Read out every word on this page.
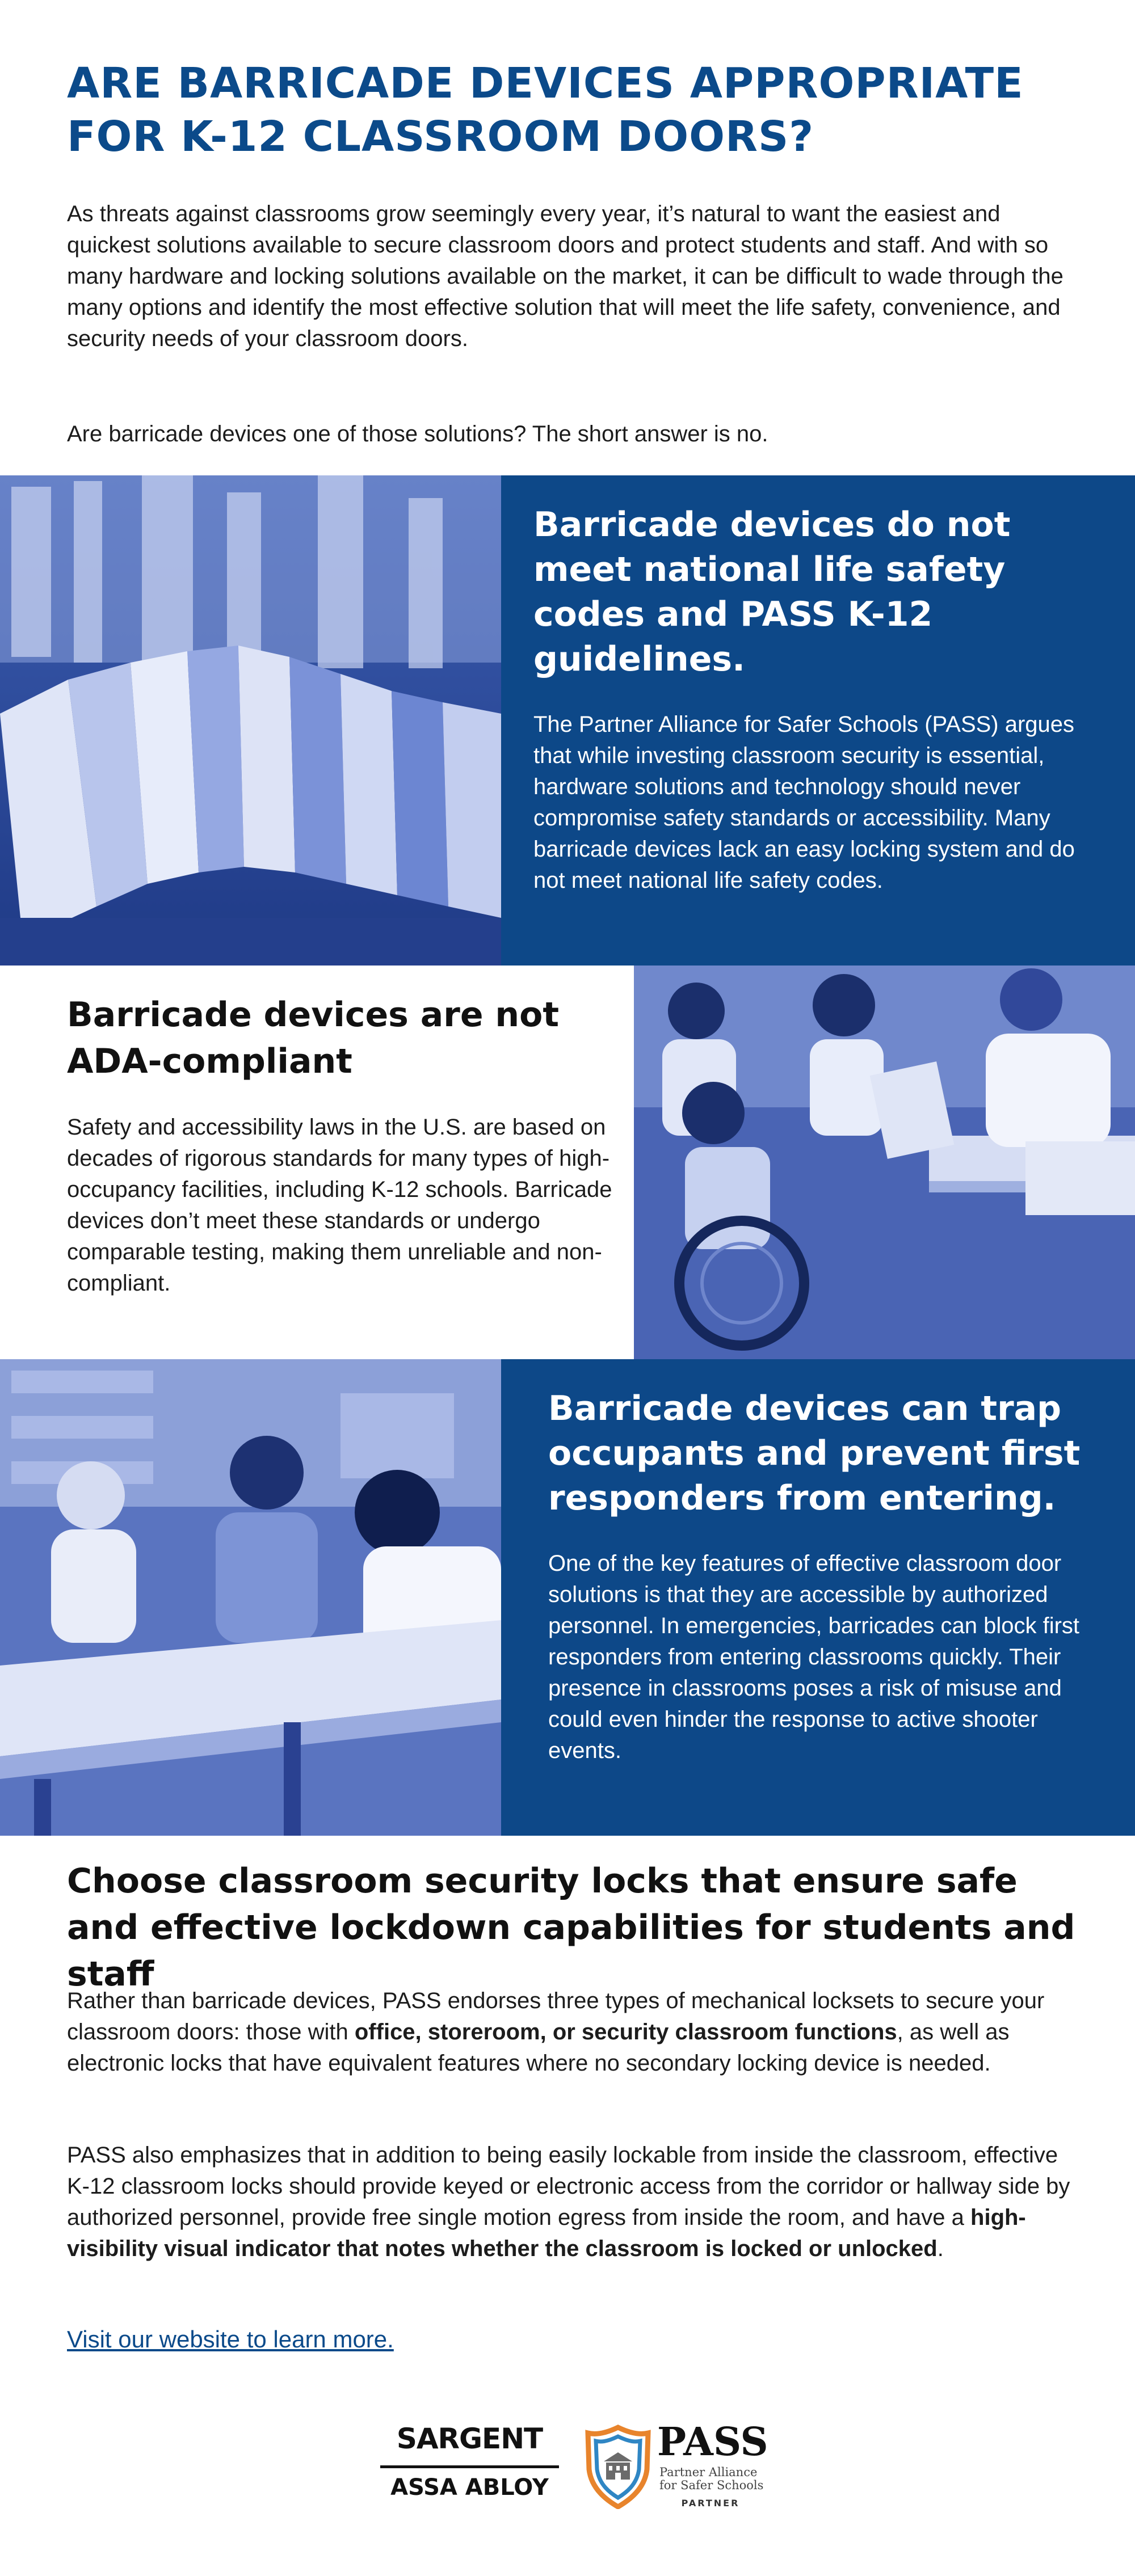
ARE BARRICADE DEVICES APPROPRIATE FOR K-12 CLASSROOM DOORS?

As threats against classrooms grow seemingly every year, it’s natural to want the easiest and quickest solutions available to secure classroom doors and protect students and staff. And with so many hardware and locking solutions available on the market, it can be difficult to wade through the many options and identify the most effective solution that will meet the life safety, convenience, and security needs of your classroom doors.

Are barricade devices one of those solutions? The short answer is no.

Barricade devices do not meet national life safety codes and PASS K-12 guidelines.

The Partner Alliance for Safer Schools (PASS) argues that while investing classroom security is essential, hardware solutions and technology should never compromise safety standards or accessibility. Many barricade devices lack an easy locking system and do not meet national life safety codes.

Barricade devices are not ADA-compliant

Safety and accessibility laws in the U.S. are based on decades of rigorous standards for many types of high-occupancy facilities, including K-12 schools. Barricade devices don’t meet these standards or undergo comparable testing, making them unreliable and non-compliant.

Barricade devices can trap occupants and prevent first responders from entering.

One of the key features of effective classroom door solutions is that they are accessible by authorized personnel. In emergencies, barricades can block first responders from entering classrooms quickly. Their presence in classrooms poses a risk of misuse and could even hinder the response to active shooter events.

Choose classroom security locks that ensure safe and effective lockdown capabilities for students and staff

Rather than barricade devices, PASS endorses three types of mechanical locksets to secure your classroom doors: those with office, storeroom, or security classroom functions, as well as electronic locks that have equivalent features where no secondary locking device is needed.

PASS also emphasizes that in addition to being easily lockable from inside the classroom, effective K-12 classroom locks should provide keyed or electronic access from the corridor or hallway side by authorized personnel, provide free single motion egress from inside the room, and have a high-visibility visual indicator that notes whether the classroom is locked or unlocked.

Visit our website to learn more.
SARGENT
ASSA ABLOY
PASS
Partner Alliance for Safer Schools
PARTNER
